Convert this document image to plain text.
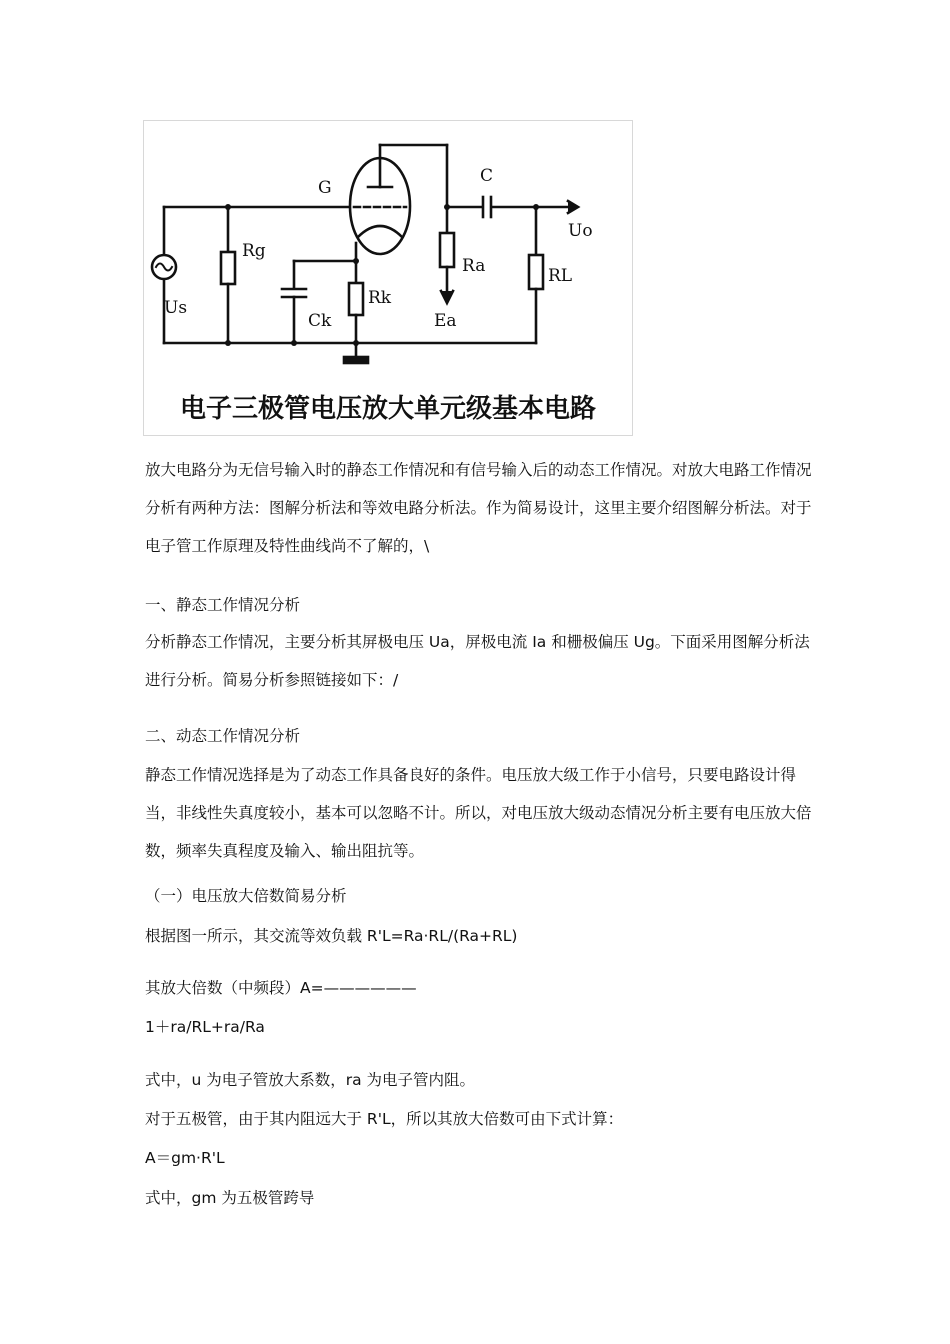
G
C
Uo
Rg
Us
Ck
Rk
Ra
Ea
RL
电子三极管电压放大单元级基本电路
放大电路分为无信号输入时的静态工作情况和有信号输入后的动态工作情况。对放大电路工作情况分析有两种方法：图解分析法和等效电路分析法。作为简易设计，这里主要介绍图解分析法。对于电子管工作原理及特性曲线尚不了解的，\
一、静态工作情况分析
分析静态工作情况，主要分析其屏极电压 Ua，屏极电流 Ia 和栅极偏压 Ug。下面采用图解分析法进行分析。简易分析参照链接如下：/
二、动态工作情况分析
静态工作情况选择是为了动态工作具备良好的条件。电压放大级工作于小信号，只要电路设计得当，非线性失真度较小，基本可以忽略不计。所以，对电压放大级动态情况分析主要有电压放大倍数，频率失真程度及输入、输出阻抗等。
（一）电压放大倍数简易分析
根据图一所示，其交流等效负载 R'L=Ra·RL/(Ra+RL)
其放大倍数（中频段）A=——————
1＋ra/RL+ra/Ra
式中，u 为电子管放大系数，ra 为电子管内阻。
对于五极管，由于其内阻远大于 R'L，所以其放大倍数可由下式计算：
A＝gm·R'L
式中，gm 为五极管跨导
